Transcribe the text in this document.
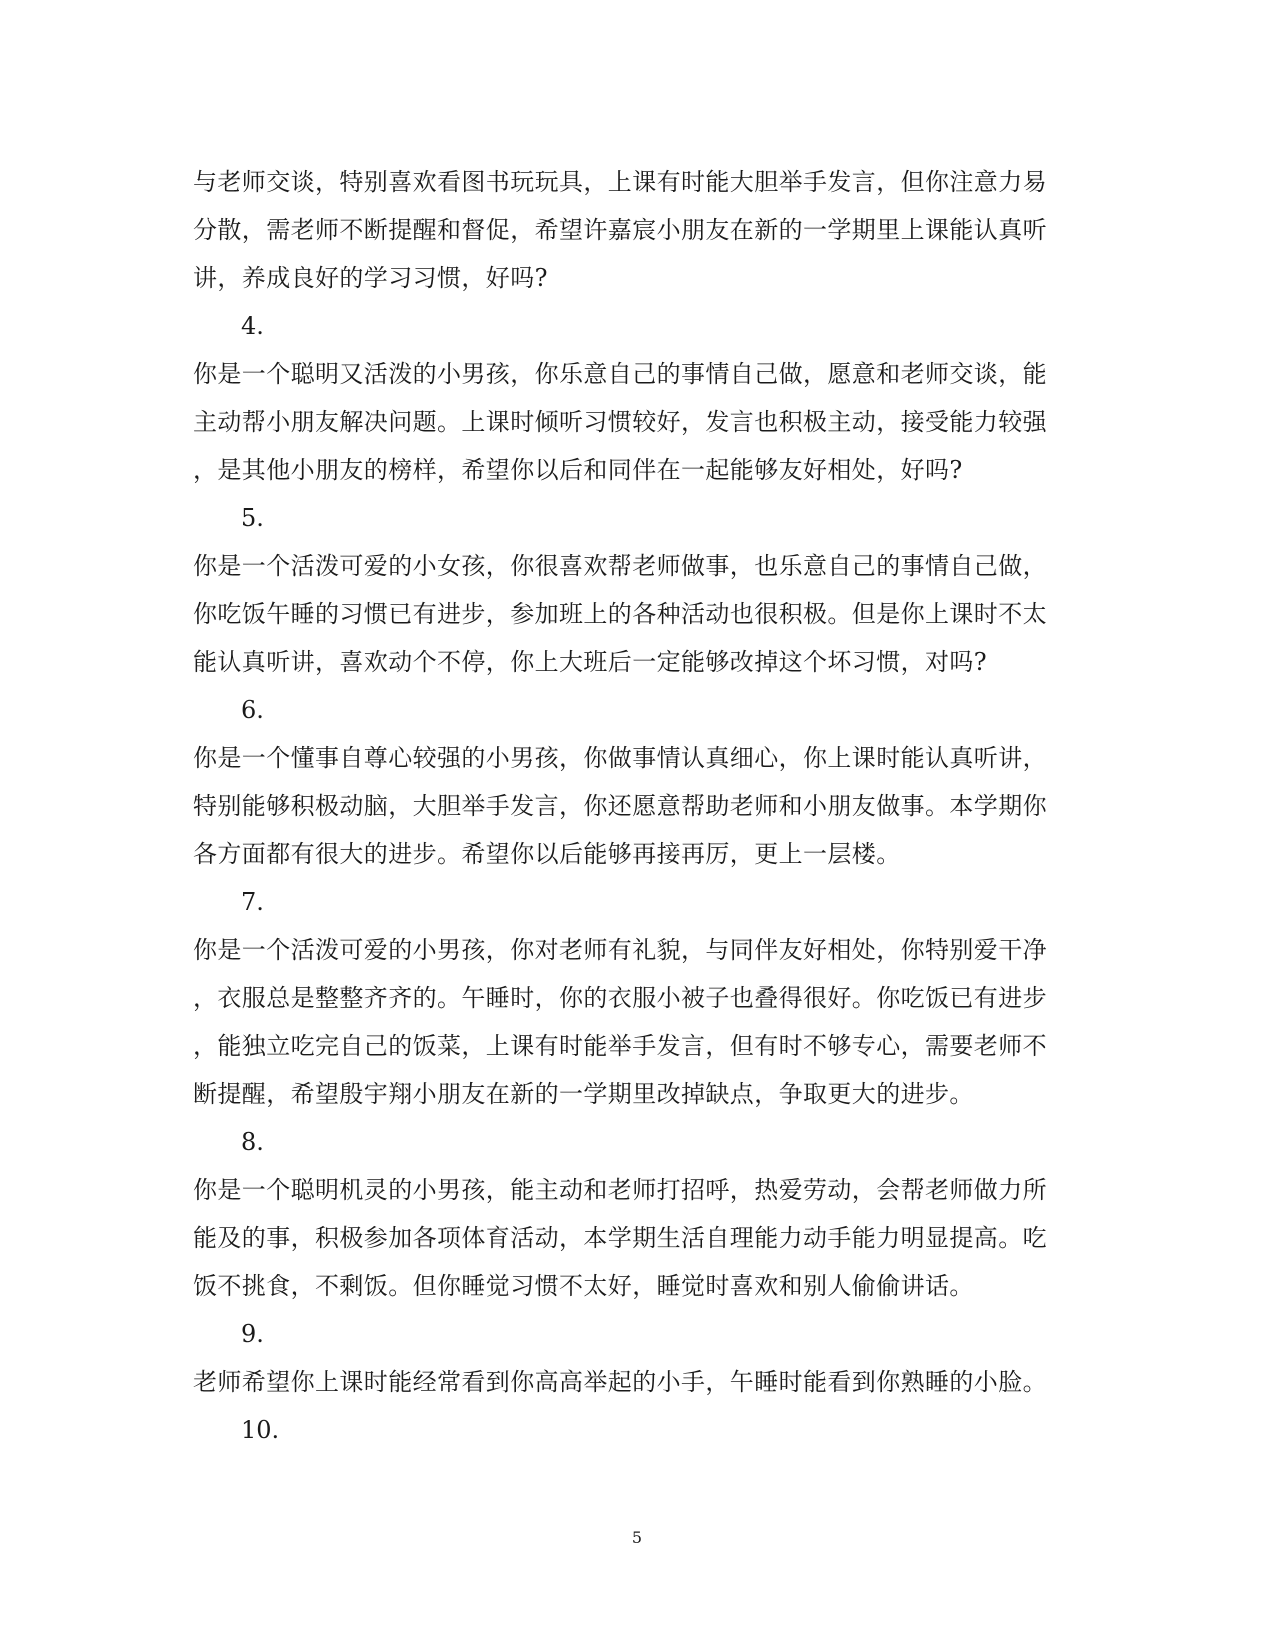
与老师交谈，特别喜欢看图书玩玩具，上课有时能大胆举手发言，但你注意力易
分散，需老师不断提醒和督促，希望许嘉宸小朋友在新的一学期里上课能认真听
讲，养成良好的学习习惯，好吗?
4.
你是一个聪明又活泼的小男孩，你乐意自己的事情自己做，愿意和老师交谈，能
主动帮小朋友解决问题。上课时倾听习惯较好，发言也积极主动，接受能力较强
，是其他小朋友的榜样，希望你以后和同伴在一起能够友好相处，好吗?
5.
你是一个活泼可爱的小女孩，你很喜欢帮老师做事，也乐意自己的事情自己做，
你吃饭午睡的习惯已有进步，参加班上的各种活动也很积极。但是你上课时不太
能认真听讲，喜欢动个不停，你上大班后一定能够改掉这个坏习惯，对吗?
6.
你是一个懂事自尊心较强的小男孩，你做事情认真细心，你上课时能认真听讲，
特别能够积极动脑，大胆举手发言，你还愿意帮助老师和小朋友做事。本学期你
各方面都有很大的进步。希望你以后能够再接再厉，更上一层楼。
7.
你是一个活泼可爱的小男孩，你对老师有礼貌，与同伴友好相处，你特别爱干净
，衣服总是整整齐齐的。午睡时，你的衣服小被子也叠得很好。你吃饭已有进步
，能独立吃完自己的饭菜，上课有时能举手发言，但有时不够专心，需要老师不
断提醒，希望殷宇翔小朋友在新的一学期里改掉缺点，争取更大的进步。
8.
你是一个聪明机灵的小男孩，能主动和老师打招呼，热爱劳动，会帮老师做力所
能及的事，积极参加各项体育活动，本学期生活自理能力动手能力明显提高。吃
饭不挑食，不剩饭。但你睡觉习惯不太好，睡觉时喜欢和别人偷偷讲话。
9.
老师希望你上课时能经常看到你高高举起的小手，午睡时能看到你熟睡的小脸。
10.
5
